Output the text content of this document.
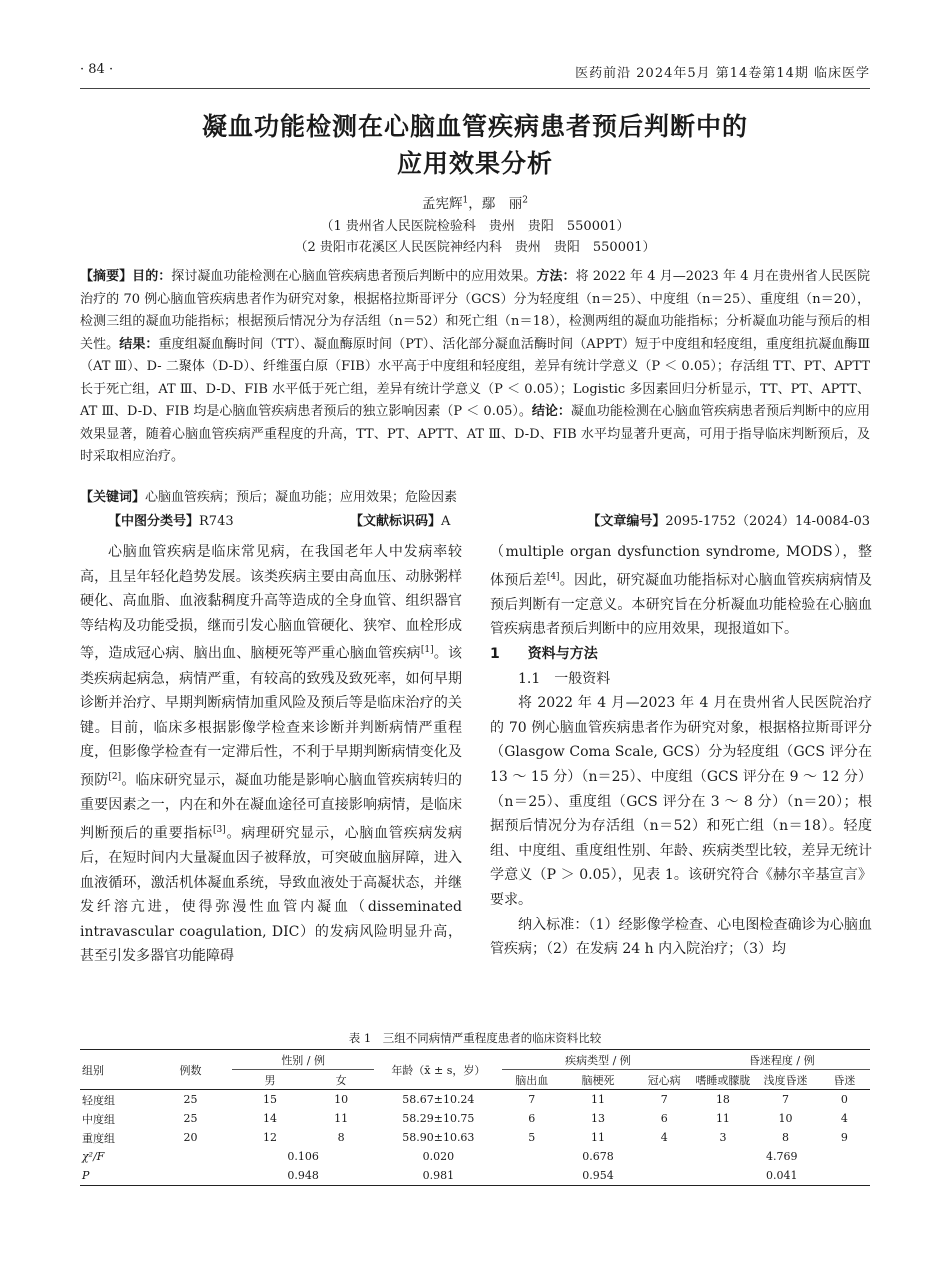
· 84 ·	医药前沿 2024年5月 第14卷第14期 临床医学
凝血功能检测在心脑血管疾病患者预后判断中的
应用效果分析
孟宪辉$^1$，鄢　丽$^2$
（1 贵州省人民医院检验科　贵州　贵阳　550001）
（2 贵阳市花溪区人民医院神经内科　贵州　贵阳　550001）
【摘要】目的：探讨凝血功能检测在心脑血管疾病患者预后判断中的应用效果。方法：将 2022 年 4 月—2023 年 4 月在贵州省人民医院治疗的 70 例心脑血管疾病患者作为研究对象，根据格拉斯哥评分（GCS）分为轻度组（n＝25）、中度组（n＝25）、重度组（n＝20），检测三组的凝血功能指标；根据预后情况分为存活组（n＝52）和死亡组（n＝18），检测两组的凝血功能指标；分析凝血功能与预后的相关性。结果：重度组凝血酶时间（TT）、凝血酶原时间（PT）、活化部分凝血活酶时间（APPT）短于中度组和轻度组，重度组抗凝血酶Ⅲ（AT Ⅲ）、D- 二聚体（D-D）、纤维蛋白原（FIB）水平高于中度组和轻度组，差异有统计学意义（P ＜ 0.05）；存活组 TT、PT、APTT 长于死亡组，AT Ⅲ、D-D、FIB 水平低于死亡组，差异有统计学意义（P ＜ 0.05）；Logistic 多因素回归分析显示，TT、PT、APTT、AT Ⅲ、D-D、FIB 均是心脑血管疾病患者预后的独立影响因素（P ＜ 0.05）。结论：凝血功能检测在心脑血管疾病患者预后判断中的应用效果显著，随着心脑血管疾病严重程度的升高，TT、PT、APTT、AT Ⅲ、D-D、FIB 水平均显著升更高，可用于指导临床判断预后，及时采取相应治疗。
【关键词】心脑血管疾病；预后；凝血功能；应用效果；危险因素
【中图分类号】R743	【文献标识码】A	【文章编号】2095-1752（2024）14-0084-03

心脑血管疾病是临床常见病，在我国老年人中发病率较高，且呈年轻化趋势发展。该类疾病主要由高血压、动脉粥样硬化、高血脂、血液黏稠度升高等造成的全身血管、组织器官等结构及功能受损，继而引发心脑血管硬化、狭窄、血栓形成等，造成冠心病、脑出血、脑梗死等严重心脑血管疾病[1]。该类疾病起病急，病情严重，有较高的致残及致死率，如何早期诊断并治疗、早期判断病情加重风险及预后等是临床治疗的关键。目前，临床多根据影像学检查来诊断并判断病情严重程度，但影像学检查有一定滞后性，不利于早期判断病情变化及预防[2]。临床研究显示，凝血功能是影响心脑血管疾病转归的重要因素之一，内在和外在凝血途径可直接影响病情，是临床判断预后的重要指标[3]。病理研究显示，心脑血管疾病发病后，在短时间内大量凝血因子被释放，可突破血脑屏障，进入血液循环，激活机体凝血系统，导致血液处于高凝状态，并继发纤溶亢进，使得弥漫性血管内凝血（disseminated intravascular coagulation, DIC）的发病风险明显升高，甚至引发多器官功能障碍

（multiple organ dysfunction syndrome, MODS），整体预后差[4]。因此，研究凝血功能指标对心脑血管疾病病情及预后判断有一定意义。本研究旨在分析凝血功能检验在心脑血管疾病患者预后判断中的应用效果，现报道如下。

1　　资料与方法

1.1　一般资料

将 2022 年 4 月—2023 年 4 月在贵州省人民医院治疗的 70 例心脑血管疾病患者作为研究对象，根据格拉斯哥评分（Glasgow Coma Scale, GCS）分为轻度组（GCS 评分在 13 ～ 15 分）（n＝25）、中度组（GCS 评分在 9 ～ 12 分）（n＝25）、重度组（GCS 评分在 3 ～ 8 分）（n＝20）；根据预后情况分为存活组（n＝52）和死亡组（n＝18）。轻度组、中度组、重度组性别、年龄、疾病类型比较，差异无统计学意义（P ＞ 0.05），见表 1。该研究符合《赫尔辛基宣言》要求。

纳入标准：（1）经影像学检查、心电图检查确诊为心脑血管疾病；（2）在发病 24 h 内入院治疗；（3）均

表 1　三组不同病情严重程度患者的临床资料比较
组别	例数	性别 / 例		年龄（x̄ ± s，岁）	疾病类型 / 例			昏迷程度 / 例		
		男	女		脑出血	脑梗死	冠心病	嗜睡或朦胧	浅度昏迷	昏迷
轻度组	25	15	10	58.67±10.24	7	11	7	18	7	0
中度组	25	14	11	58.29±10.75	6	13	6	11	10	4
重度组	20	12	8	58.90±10.63	5	11	4	3	8	9
χ²/F		0.106		0.020	0.678			4.769		
P		0.948		0.981	0.954			0.041		
